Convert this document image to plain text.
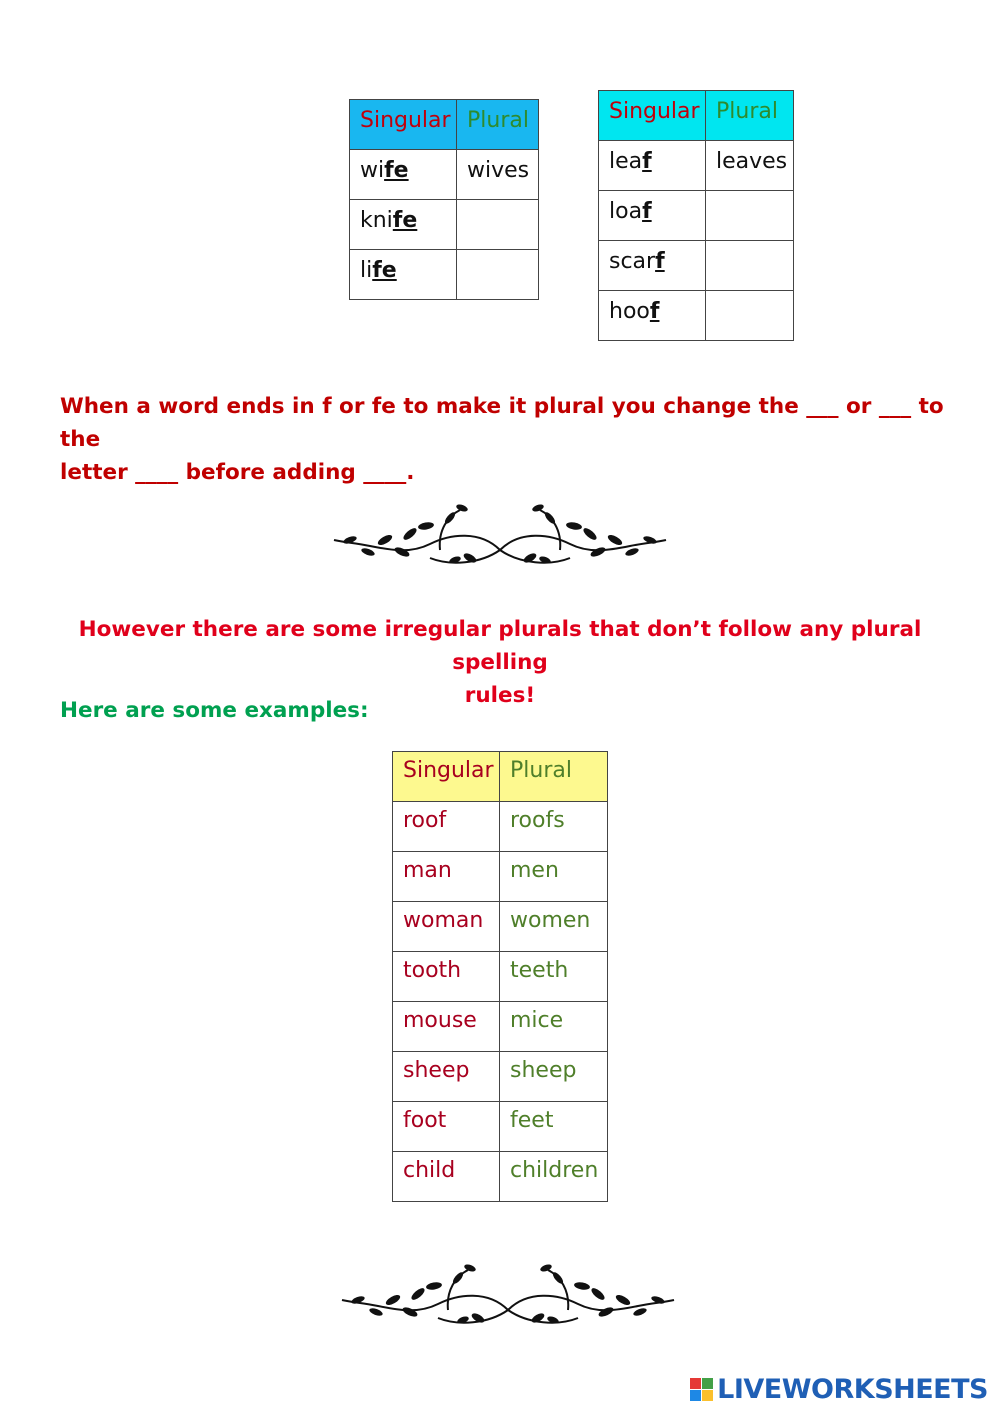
Singular	Plural
wife	wives
knife	
life	
Singular	Plural
leaf	leaves
loaf	
scarf	
hoof	
When a word ends in f or fe to make it plural you change the ___ or ___ to the
letter ____ before adding ____.
However there are some irregular plurals that don’t follow any plural spelling
rules!
Here are some examples:
Singular	Plural
roof	roofs
man	men
woman	women
tooth	teeth
mouse	mice
sheep	sheep
foot	feet
child	children
LIVEWORKSHEETS
